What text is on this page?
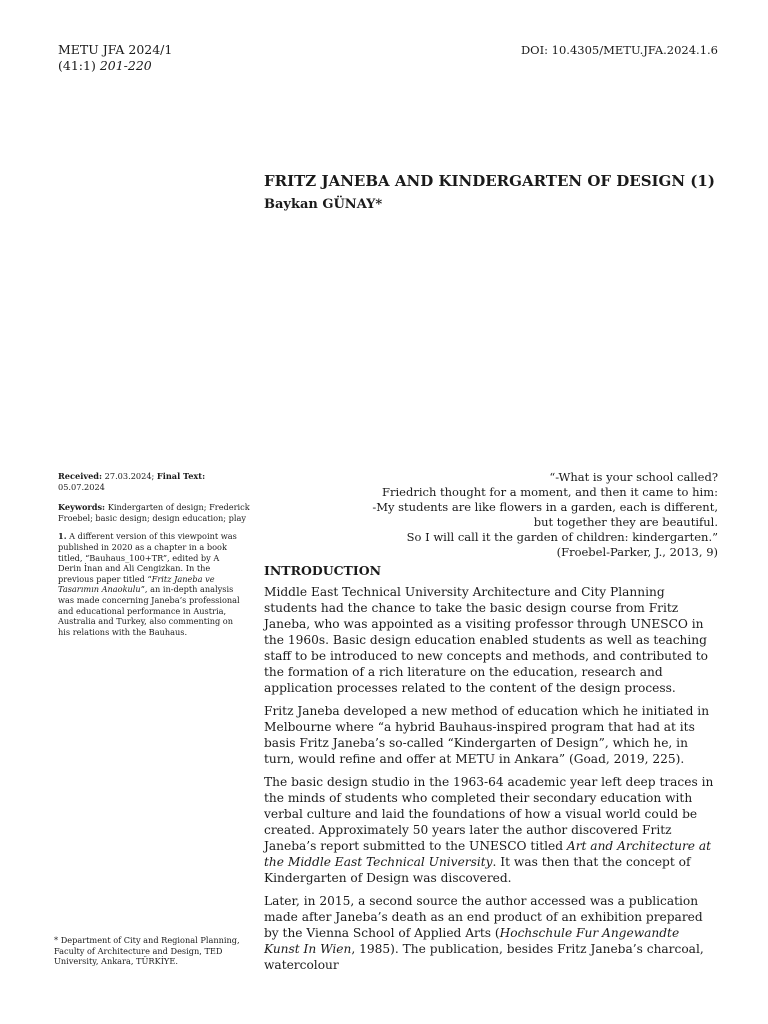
METU JFA 2024/1
(41:1) 201-220
DOI: 10.4305/METU.JFA.2024.1.6
FRITZ JANEBA AND KINDERGARTEN OF DESIGN (1)
Baykan GÜNAY*
Received: 27.03.2024; Final Text: 05.07.2024
Keywords: Kindergarten of design; Frederick Froebel; basic design; design education; play
1. A different version of this viewpoint was published in 2020 as a chapter in a book titled, “Bauhaus_100+TR”, edited by A Derin İnan and Ali Cengizkan. In the previous paper titled “Fritz Janeba ve Tasarımın Anaokulu”, an in-depth analysis was made concerning Janeba’s professional and educational performance in Austria, Australia and Turkey, also commenting on his relations with the Bauhaus.
* Department of City and Regional Planning, Faculty of Architecture and Design, TED University, Ankara, TÜRKİYE.
“-What is your school called?
Friedrich thought for a moment, and then it came to him:
-My students are like flowers in a garden, each is different,
but together they are beautiful.
So I will call it the garden of children: kindergarten.”
(Froebel-Parker, J., 2013, 9)
INTRODUCTION

Middle East Technical University Architecture and City Planning students had the chance to take the basic design course from Fritz Janeba, who was appointed as a visiting professor through UNESCO in the 1960s. Basic design education enabled students as well as teaching staff to be introduced to new concepts and methods, and contributed to the formation of a rich literature on the education, research and application processes related to the content of the design process.

Fritz Janeba developed a new method of education which he initiated in Melbourne where “a hybrid Bauhaus-inspired program that had at its basis Fritz Janeba’s so-called “Kindergarten of Design”, which he, in turn, would refine and offer at METU in Ankara” (Goad, 2019, 225).

The basic design studio in the 1963-64 academic year left deep traces in the minds of students who completed their secondary education with verbal culture and laid the foundations of how a visual world could be created. Approximately 50 years later the author discovered Fritz Janeba’s report submitted to the UNESCO titled Art and Architecture at the Middle East Technical University. It was then that the concept of Kindergarten of Design was discovered.

Later, in 2015, a second source the author accessed was a publication made after Janeba’s death as an end product of an exhibition prepared by the Vienna School of Applied Arts (Hochschule Fur Angewandte Kunst In Wien, 1985). The publication, besides Fritz Janeba’s charcoal, watercolour
